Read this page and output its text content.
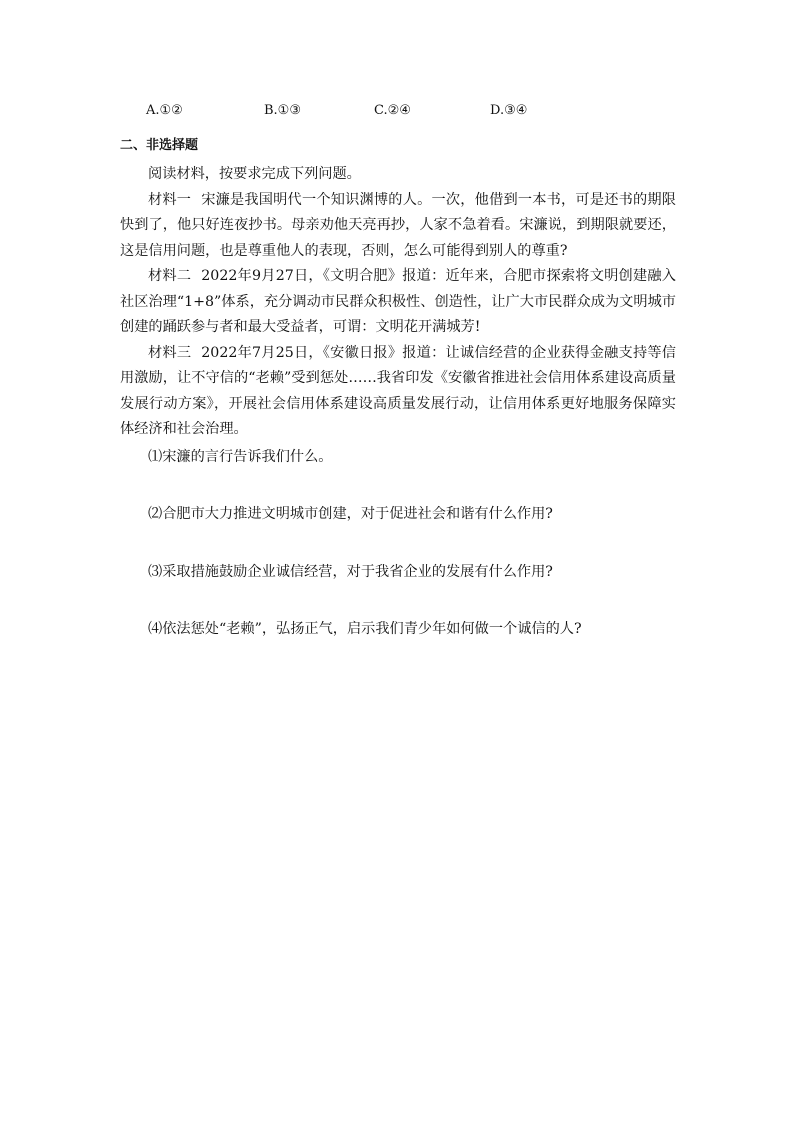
A.①②	B.①③	C.②④	D.③④
二、非选择题

阅读材料，按要求完成下列问题。

材料一 宋濂是我国明代一个知识渊博的人。一次，他借到一本书，可是还书的期限快到了，他只好连夜抄书。母亲劝他天亮再抄，人家不急着看。宋濂说，到期限就要还，这是信用问题，也是尊重他人的表现，否则，怎么可能得到别人的尊重?

材料二 2022年9月27日，《文明合肥》报道：近年来，合肥市探索将文明创建融入社区治理“1+8”体系，充分调动市民群众积极性、创造性，让广大市民群众成为文明城市创建的踊跃参与者和最大受益者，可谓：文明花开满城芳!

材料三 2022年7月25日，《安徽日报》报道：让诚信经营的企业获得金融支持等信用激励，让不守信的“老赖”受到惩处……我省印发《安徽省推进社会信用体系建设高质量发展行动方案》，开展社会信用体系建设高质量发展行动，让信用体系更好地服务保障实体经济和社会治理。

⑴宋濂的言行告诉我们什么。

⑵合肥市大力推进文明城市创建，对于促进社会和谐有什么作用?

⑶采取措施鼓励企业诚信经营，对于我省企业的发展有什么作用?

⑷依法惩处“老赖”，弘扬正气，启示我们青少年如何做一个诚信的人?
